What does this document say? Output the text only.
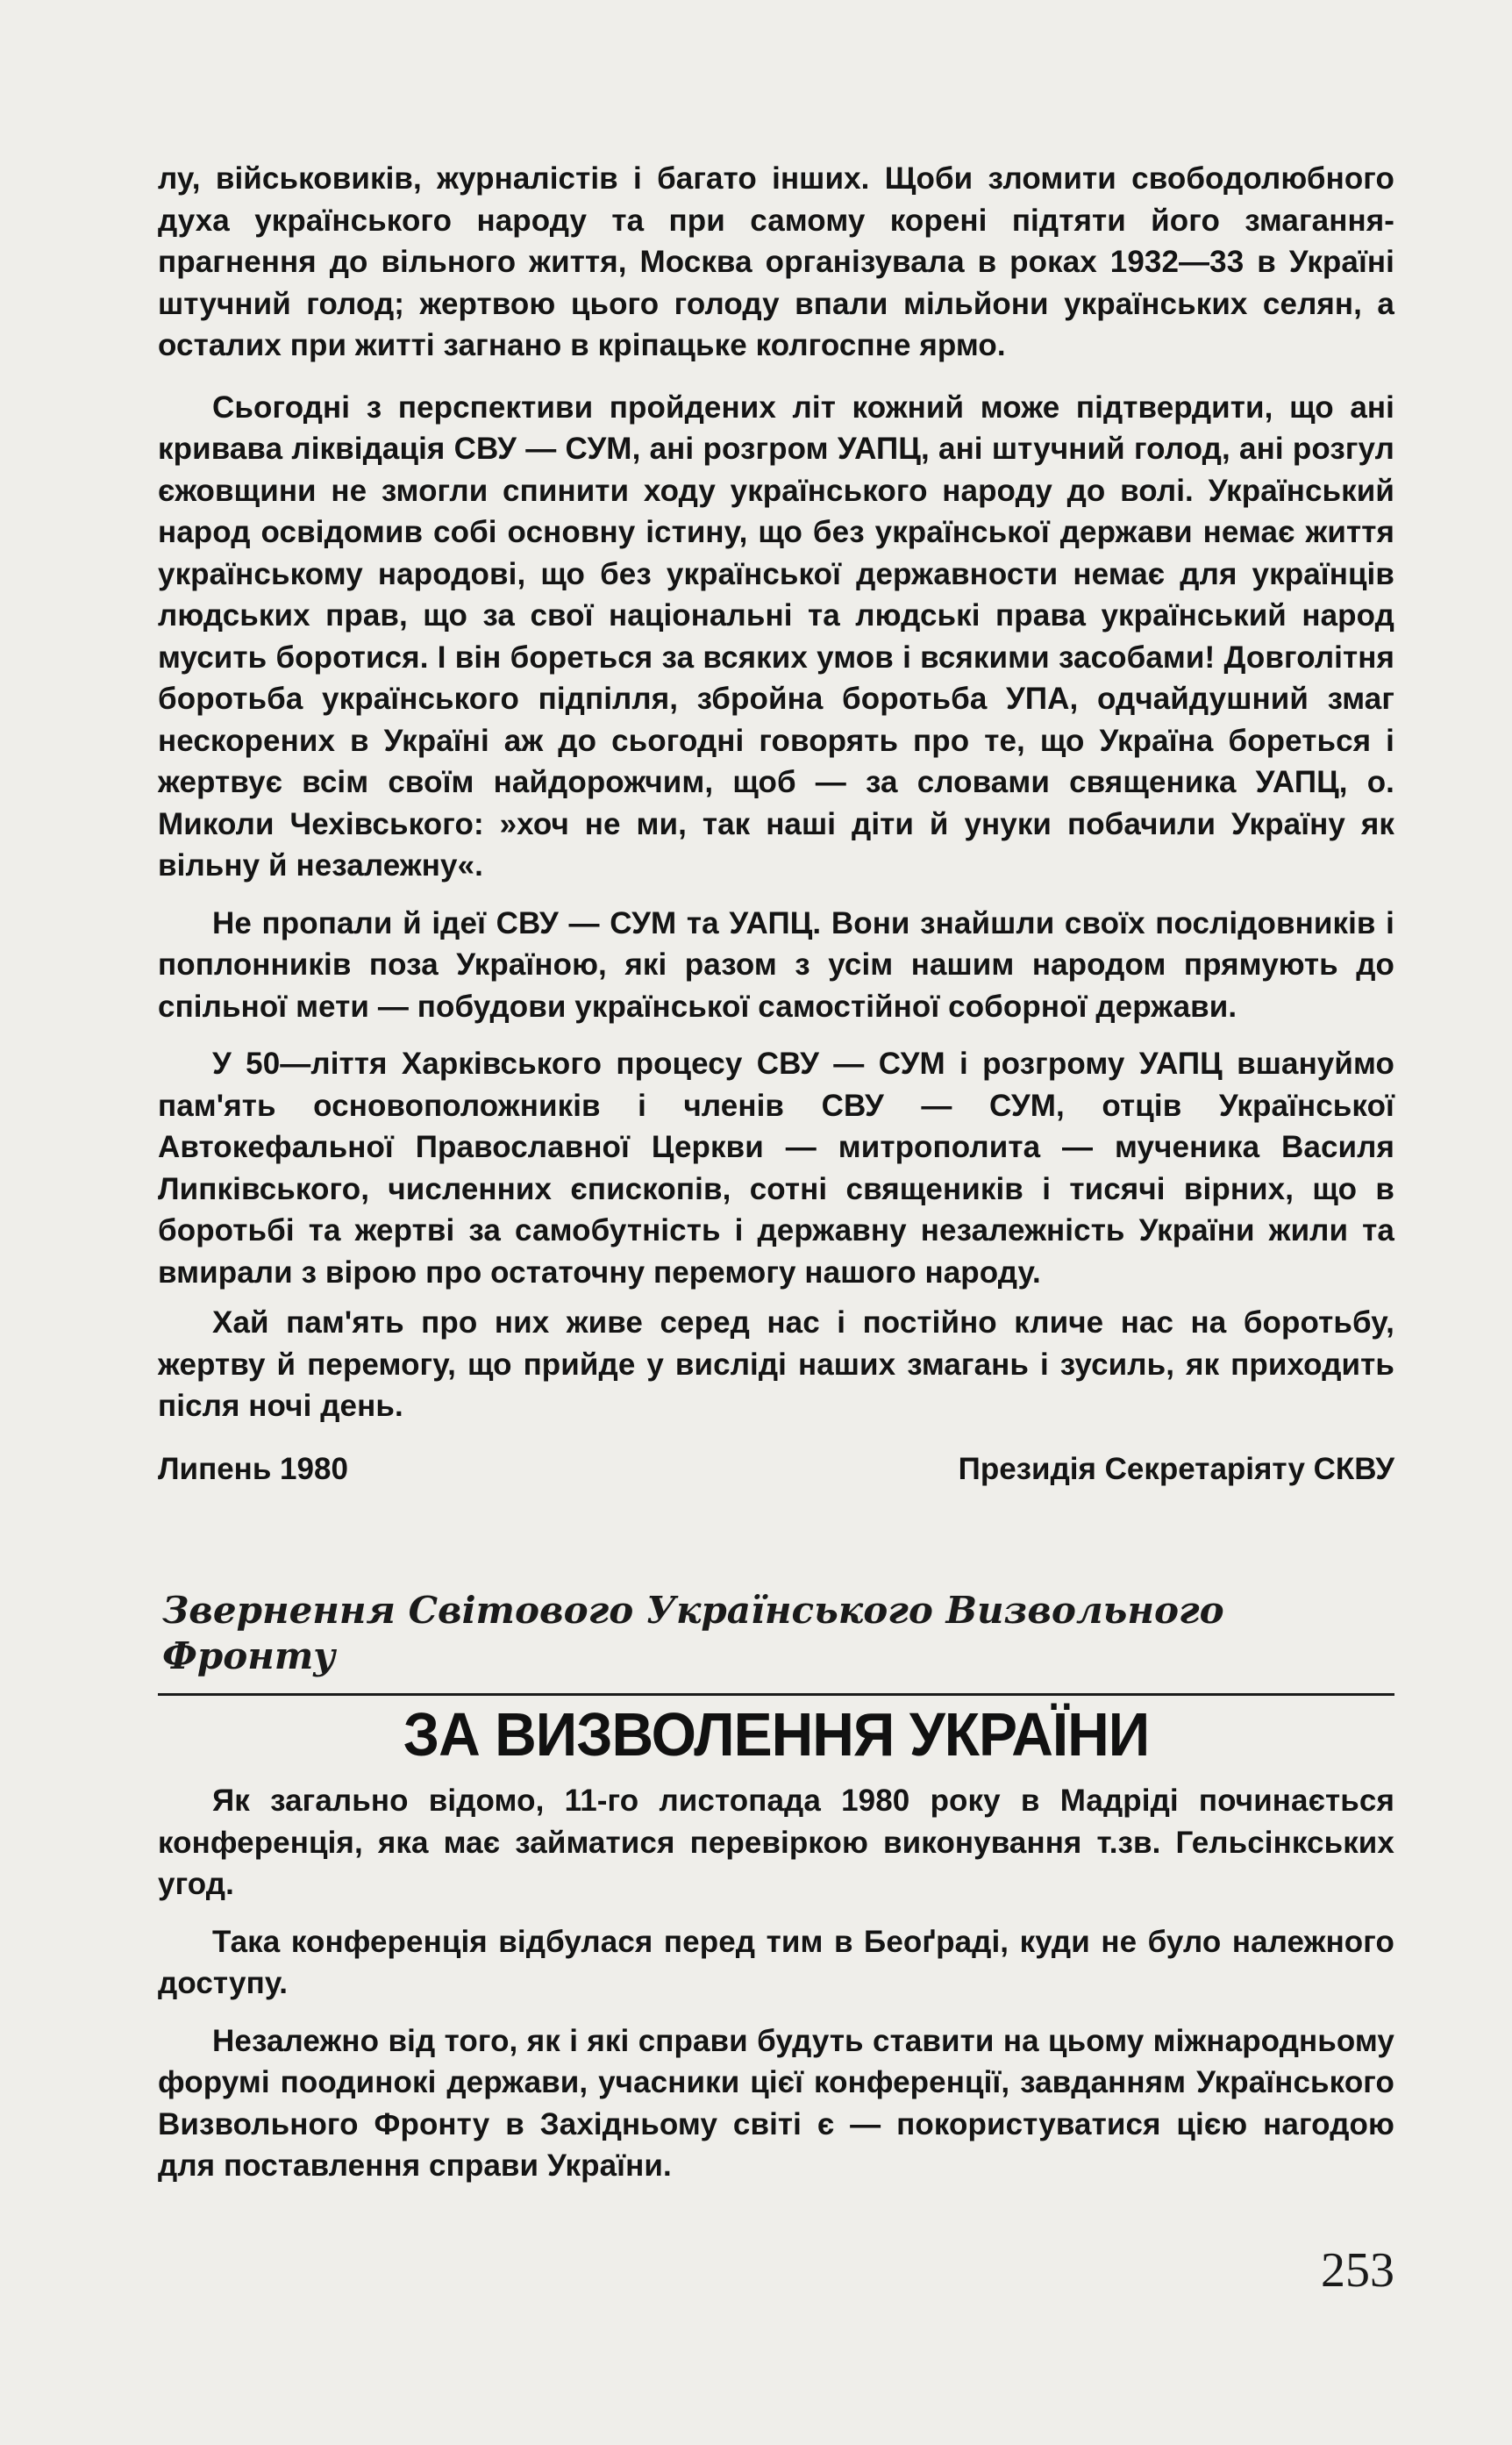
лу, військовиків, журналістів і багато інших. Щоби зломити свободолюбного духа українського народу та при самому корені підтяти його змагання-прагнення до вільного життя, Москва організувала в роках 1932—33 в Україні штучний голод; жертвою цього голоду впали мільйони українських селян, а осталих при житті загнано в кріпацьке колгоспне ярмо.

Сьогодні з перспективи пройдених літ кожний може підтвердити, що ані кривава ліквідація СВУ — СУМ, ані розгром УАПЦ, ані штучний голод, ані розгул єжовщини не змогли спинити ходу українського народу до волі. Український народ освідомив собі основну істину, що без української держави немає життя українському народові, що без української державности немає для українців людських прав, що за свої національні та людські права український народ мусить боротися. І він бореться за всяких умов і всякими засобами! Довголітня боротьба українського підпілля, збройна боротьба УПА, одчайдушний змаг нескорених в Україні аж до сьогодні говорять про те, що Україна бореться і жертвує всім своїм найдорожчим, щоб — за словами священика УАПЦ, о. Миколи Чехівського: »хоч не ми, так наші діти й унуки побачили Україну як вільну й незалежну«.

Не пропали й ідеї СВУ — СУМ та УАПЦ. Вони знайшли своїх послідовників і поплонників поза Україною, які разом з усім нашим народом прямують до спільної мети — побудови української самостійної соборної держави.

У 50—ліття Харківського процесу СВУ — СУМ і розгрому УАПЦ вшануймо пам'ять основоположників і членів СВУ — СУМ, отців Української Автокефальної Православної Церкви — митрополита — мученика Василя Липківського, численних єпископів, сотні священиків і тисячі вірних, що в боротьбі та жертві за самобутність і державну незалежність України жили та вмирали з вірою про остаточну перемогу нашого народу.

Хай пам'ять про них живе серед нас і постійно кличе нас на боротьбу, жертву й перемогу, що прийде у висліді наших змагань і зусиль, як приходить після ночі день.

Липень 1980	Президія Секретаріяту СКВУ
Звернення Світового Українського Визвольного Фронту
ЗА ВИЗВОЛЕННЯ УКРАЇНИ

Як загально відомо, 11-го листопада 1980 року в Мадріді починається конференція, яка має займатися перевіркою виконування т.зв. Гельсінкських угод.

Така конференція відбулася перед тим в Беоґраді, куди не було належного доступу.

Незалежно від того, як і які справи будуть ставити на цьому міжнародньому форумі поодинокі держави, учасники цієї конференції, завданням Українського Визвольного Фронту в Західньому світі є — покористуватися цією нагодою для поставлення справи України.

253
